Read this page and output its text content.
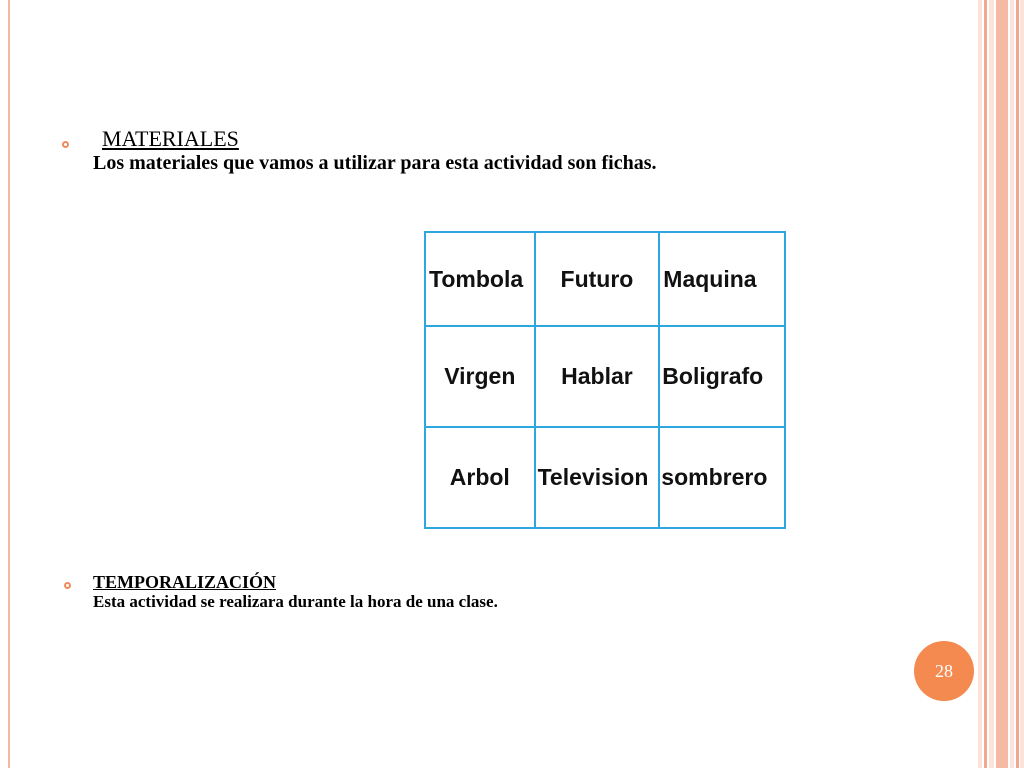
MATERIALES
Los materiales que vamos a utilizar para esta actividad son fichas.
Tombola	Futuro	Maquina
Virgen	Hablar	Boligrafo
Arbol	Television	sombrero
TEMPORALIZACIÓN
Esta actividad se realizara durante la hora de una clase.
28
